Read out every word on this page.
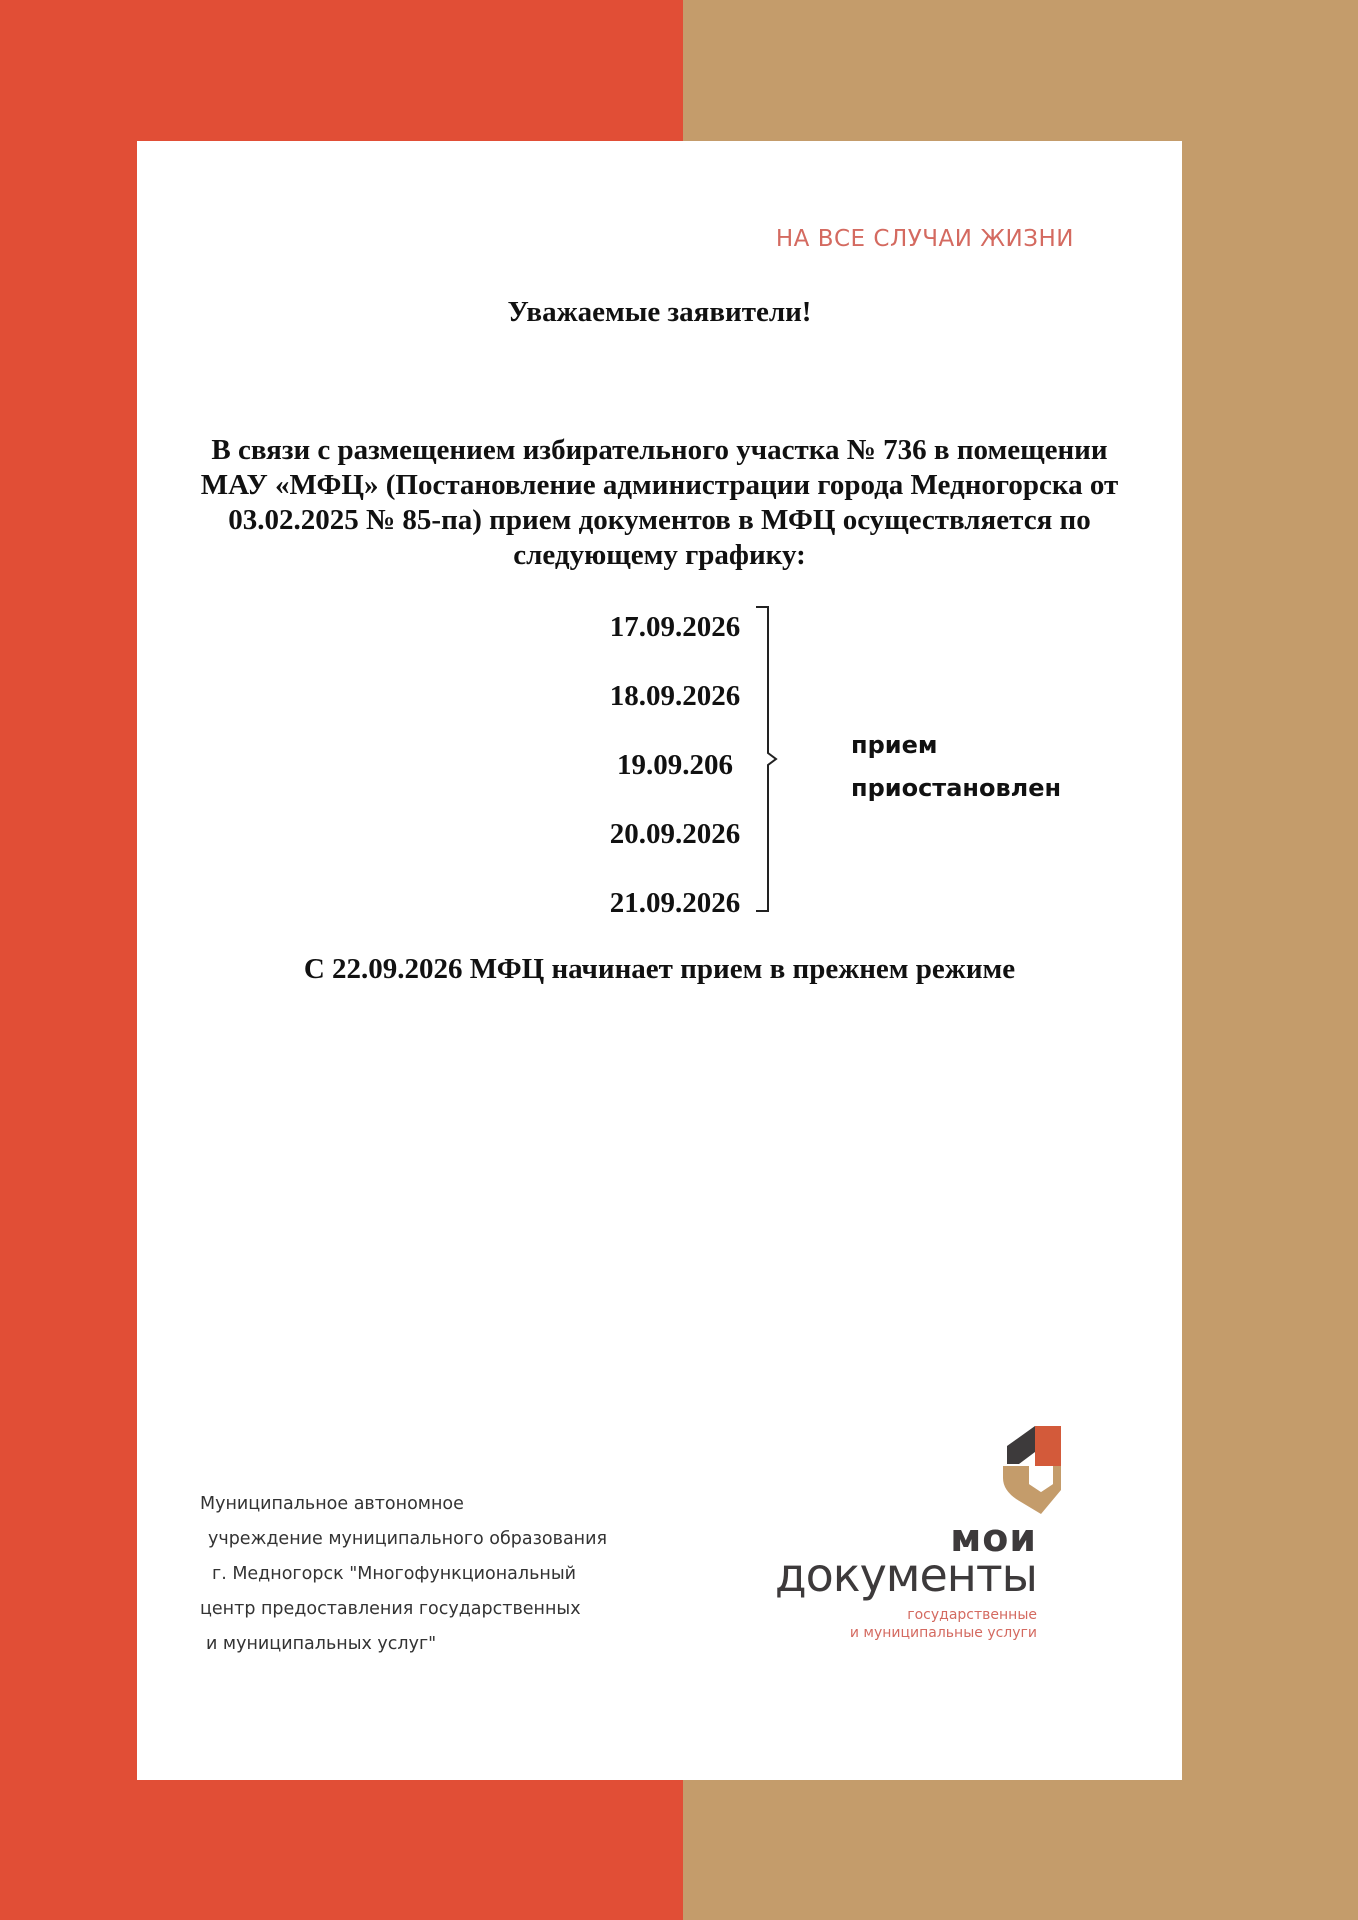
НА ВСЕ СЛУЧАИ ЖИЗНИ
Уважаемые заявители!
В связи с размещением избирательного участка № 736 в помещении
МАУ «МФЦ» (Постановление администрации города Медногорска от
03.02.2025 № 85-па) прием документов в МФЦ осуществляется по
следующему графику:
17.09.2026
18.09.2026
19.09.206
20.09.2026
21.09.2026
прием
приостановлен
С 22.09.2026 МФЦ начинает прием в прежнем режиме
Муниципальное автономное
учреждение муниципального образования
г. Медногорск "Многофункциональный
центр предоставления государственных
и муниципальных услуг"
мои
документы
государственные
и муниципальные услуги
